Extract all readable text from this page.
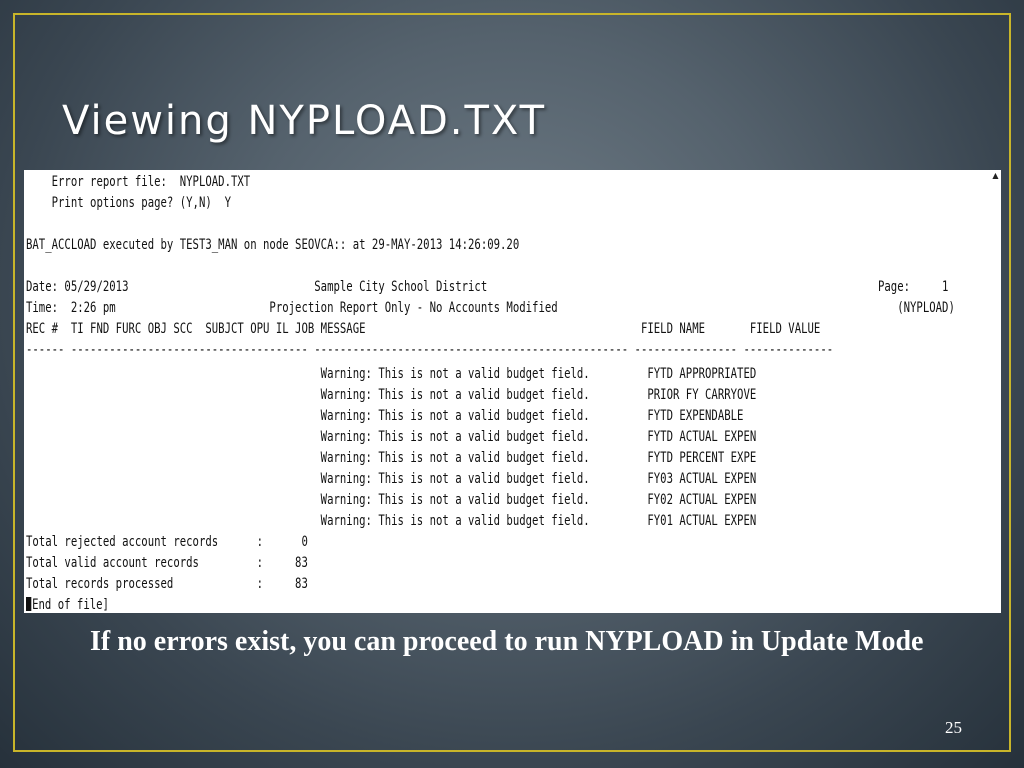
Viewing NYPLOAD.TXT
▲
Error report file:  NYPLOAD.TXT
Print options page? (Y,N)  Y
BAT_ACCLOAD executed by TEST3_MAN on node SEOVCA:: at 29-MAY-2013 14:26:09.20
Date: 05/29/2013                             Sample City School District                                                             Page:     1
Time:  2:26 pm                        Projection Report Only - No Accounts Modified                                                     (NYPLOAD)
REC #  TI FND FURC OBJ SCC  SUBJCT OPU IL JOB MESSAGE                                           FIELD NAME       FIELD VALUE
------ ------------------------------------- ------------------------------------------------- ---------------- --------------
Warning: This is not a valid budget field.         FYTD APPROPRIATED
Warning: This is not a valid budget field.         PRIOR FY CARRYOVE
Warning: This is not a valid budget field.         FYTD EXPENDABLE
Warning: This is not a valid budget field.         FYTD ACTUAL EXPEN
Warning: This is not a valid budget field.         FYTD PERCENT EXPE
Warning: This is not a valid budget field.         FY03 ACTUAL EXPEN
Warning: This is not a valid budget field.         FY02 ACTUAL EXPEN
Warning: This is not a valid budget field.         FY01 ACTUAL EXPEN
Total rejected account records      :      0
Total valid account records         :     83
Total records processed             :     83
End of file]

If no errors exist, you can proceed to run NYPLOAD in Update Mode

25
